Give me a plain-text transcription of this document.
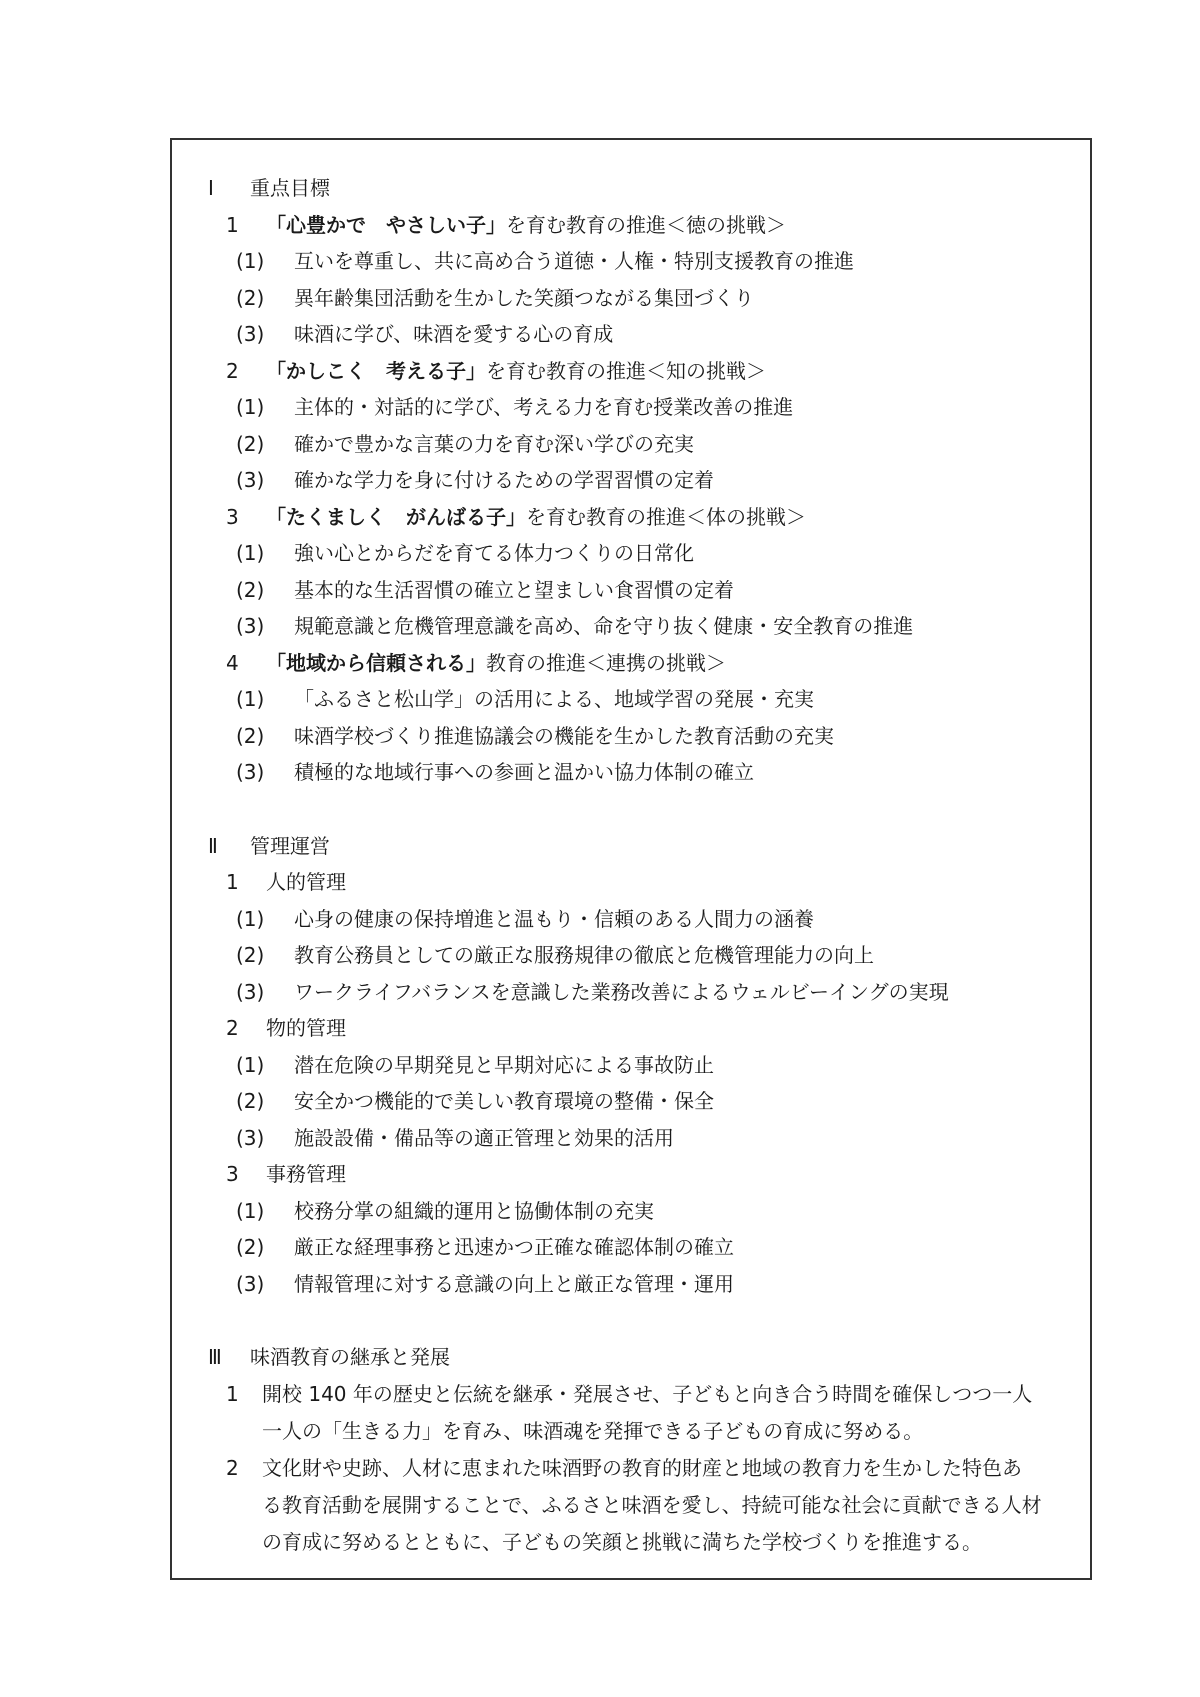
Ⅰ 重点目標
1 「心豊かで　やさしい子」を育む教育の推進＜徳の挑戦＞
(1) 互いを尊重し、共に高め合う道徳・人権・特別支援教育の推進
(2) 異年齢集団活動を生かした笑顔つながる集団づくり
(3) 味酒に学び、味酒を愛する心の育成
2 「かしこく　考える子」を育む教育の推進＜知の挑戦＞
(1) 主体的・対話的に学び、考える力を育む授業改善の推進
(2) 確かで豊かな言葉の力を育む深い学びの充実
(3) 確かな学力を身に付けるための学習習慣の定着
3 「たくましく　がんばる子」を育む教育の推進＜体の挑戦＞
(1) 強い心とからだを育てる体力つくりの日常化
(2) 基本的な生活習慣の確立と望ましい食習慣の定着
(3) 規範意識と危機管理意識を高め、命を守り抜く健康・安全教育の推進
4 「地域から信頼される」教育の推進＜連携の挑戦＞
(1) 「ふるさと松山学」の活用による、地域学習の発展・充実
(2) 味酒学校づくり推進協議会の機能を生かした教育活動の充実
(3) 積極的な地域行事への参画と温かい協力体制の確立
Ⅱ 管理運営
1 人的管理
(1) 心身の健康の保持増進と温もり・信頼のある人間力の涵養
(2) 教育公務員としての厳正な服務規律の徹底と危機管理能力の向上
(3) ワークライフバランスを意識した業務改善によるウェルビーイングの実現
2 物的管理
(1) 潜在危険の早期発見と早期対応による事故防止
(2) 安全かつ機能的で美しい教育環境の整備・保全
(3) 施設設備・備品等の適正管理と効果的活用
3 事務管理
(1) 校務分掌の組織的運用と協働体制の充実
(2) 厳正な経理事務と迅速かつ正確な確認体制の確立
(3) 情報管理に対する意識の向上と厳正な管理・運用
Ⅲ 味酒教育の継承と発展
1 開校 140 年の歴史と伝統を継承・発展させ、子どもと向き合う時間を確保しつつ一人
一人の「生きる力」を育み、味酒魂を発揮できる子どもの育成に努める。
2 文化財や史跡、人材に恵まれた味酒野の教育的財産と地域の教育力を生かした特色あ
る教育活動を展開することで、ふるさと味酒を愛し、持続可能な社会に貢献できる人材
の育成に努めるとともに、子どもの笑顔と挑戦に満ちた学校づくりを推進する。
